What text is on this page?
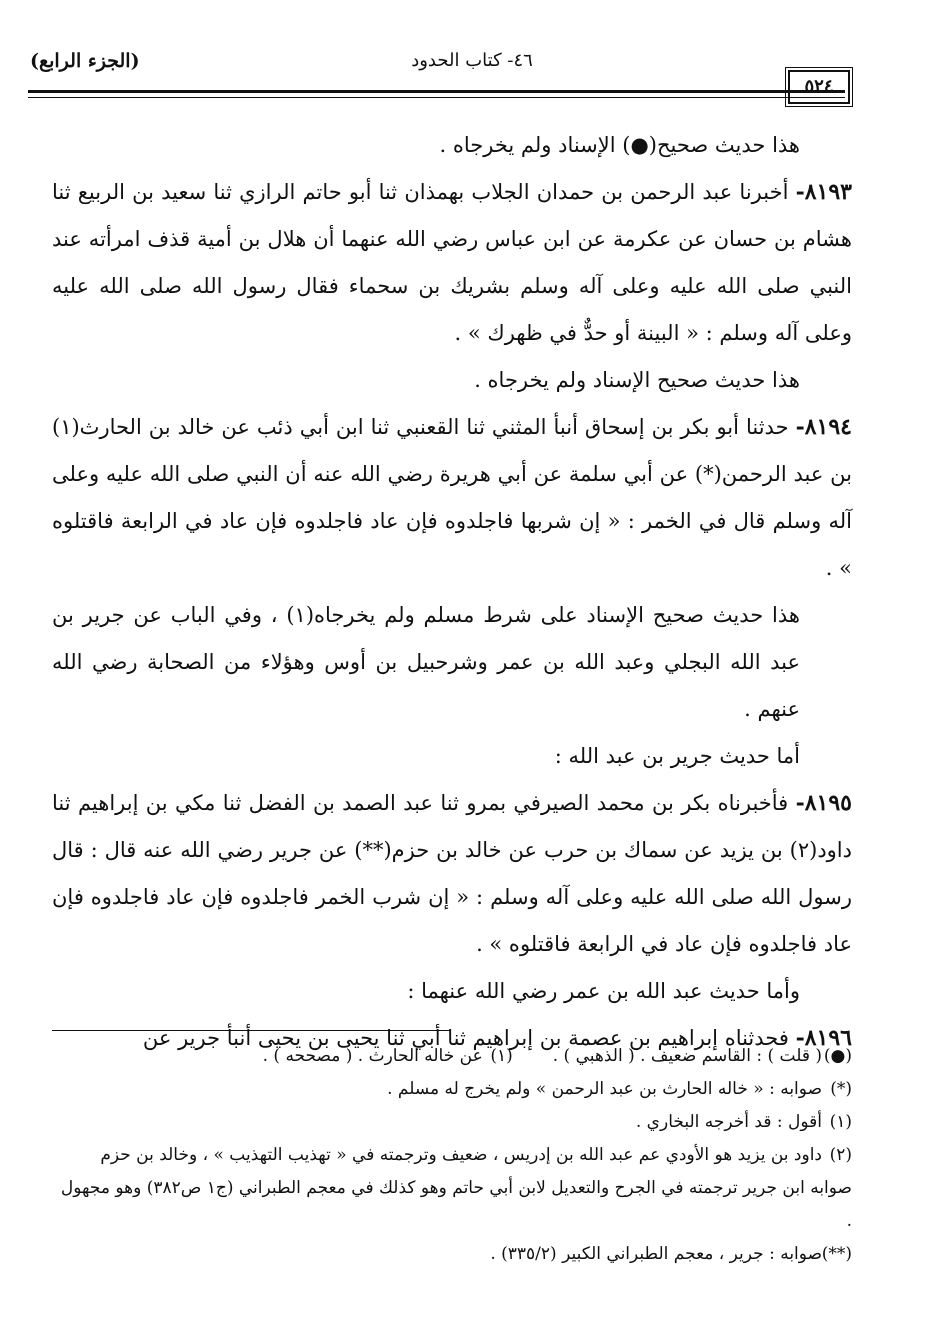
(الجزء الرابع)	٤٦- كتاب الحدود
٥٢٤

هذا حديث صحيح(●) الإسناد ولم يخرجاه .

٨١٩٣- أخبرنا عبد الرحمن بن حمدان الجلاب بهمذان ثنا أبو حاتم الرازي ثنا سعيد بن الربيع ثنا هشام بن حسان عن عكرمة عن ابن عباس رضي الله عنهما أن هلال بن أمية قذف امرأته عند النبي صلى الله عليه وعلى آله وسلم بشريك بن سحماء فقال رسول الله صلى الله عليه وعلى آله وسلم : « البينة أو حدٌّ في ظهرك » .

هذا حديث صحيح الإسناد ولم يخرجاه .

٨١٩٤- حدثنا أبو بكر بن إسحاق أنبأ المثني ثنا القعنبي ثنا ابن أبي ذئب عن خالد بن الحارث(١) بن عبد الرحمن(*) عن أبي سلمة عن أبي هريرة رضي الله عنه أن النبي صلى الله عليه وعلى آله وسلم قال في الخمر : « إن شربها فاجلدوه فإن عاد فاجلدوه فإن عاد في الرابعة فاقتلوه » .

هذا حديث صحيح الإسناد على شرط مسلم ولم يخرجاه(١) ، وفي الباب عن جرير بن عبد الله البجلي وعبد الله بن عمر وشرحبيل بن أوس وهؤلاء من الصحابة رضي الله عنهم .

أما حديث جرير بن عبد الله :

٨١٩٥- فأخبرناه بكر بن محمد الصيرفي بمرو ثنا عبد الصمد بن الفضل ثنا مكي بن إبراهيم ثنا داود(٢) بن يزيد عن سماك بن حرب عن خالد بن حزم(**) عن جرير رضي الله عنه قال : قال رسول الله صلى الله عليه وعلى آله وسلم : « إن شرب الخمر فاجلدوه فإن عاد فاجلدوه فإن عاد فاجلدوه فإن عاد في الرابعة فاقتلوه » .

وأما حديث عبد الله بن عمر رضي الله عنهما :

٨١٩٦- فحدثناه إبراهيم بن عصمة بن إبراهيم ثنا أبي ثنا يحيى بن يحيى أنبأ جرير عن

(●)( قلت ) : القاسم ضعيف . ( الذهبي ) .
(١)عن خاله الحارث . ( مصححه ) .

(*)صوابه : « خاله الحارث بن عبد الرحمن » ولم يخرج له مسلم .

(١)أقول : قد أخرجه البخاري .

(٢)داود بن يزيد هو الأودي عم عبد الله بن إدريس ، ضعيف وترجمته في « تهذيب التهذيب » ، وخالد بن حزم صوابه ابن جرير ترجمته في الجرح والتعديل لابن أبي حاتم وهو كذلك في معجم الطبراني (ج١ ص٣٨٢) وهو مجهول .

(**)صوابه : جرير ، معجم الطبراني الكبير (٣٣٥/٢) .
